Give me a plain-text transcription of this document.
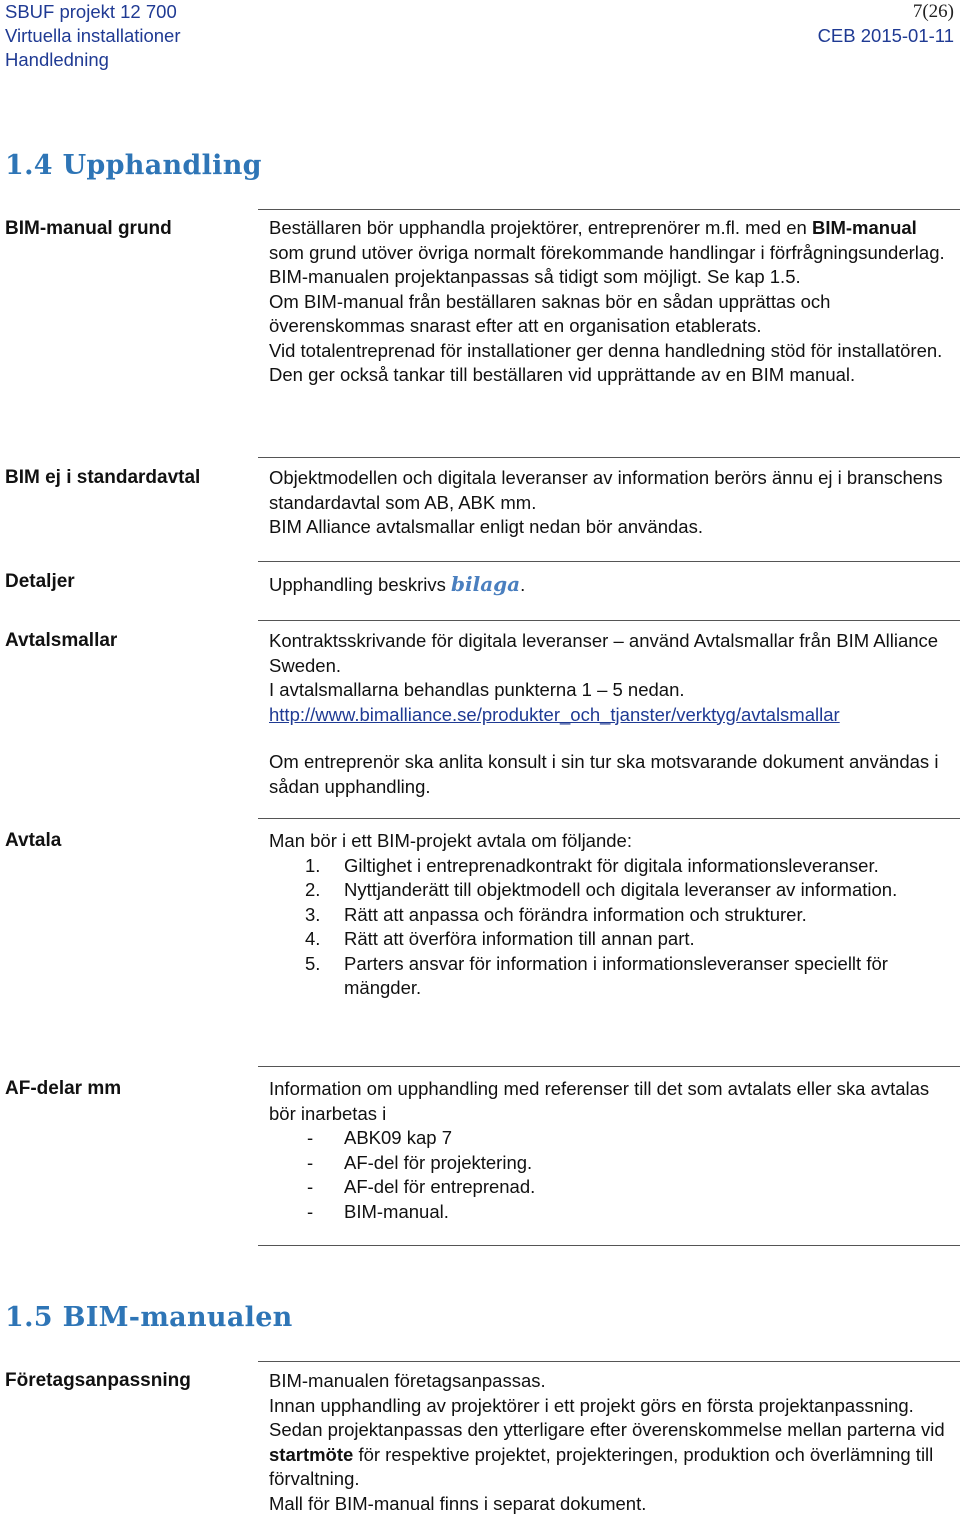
SBUF projekt 12 700
Virtuella installationer
Handledning
7(26)
CEB 2015-01-11
1.4 Upphandling
BIM-manual grund	Beställaren bör upphandla projektörer, entreprenörer m.fl. med en BIM-manual som grund utöver övriga normalt förekommande handlingar i förfrågningsunderlag. BIM-manualen projektanpassas så tidigt som möjligt. Se kap 1.5.

Om BIM-manual från beställaren saknas bör en sådan upprättas och överenskommas snarast efter att en organisation etablerats.

Vid totalentreprenad för installationer ger denna handledning stöd för installatören. Den ger också tankar till beställaren vid upprättande av en BIM manual.

BIM ej i standardavtal	Objektmodellen och digitala leveranser av information berörs ännu ej i branschens standardavtal som AB, ABK mm.

BIM Alliance avtalsmallar enligt nedan bör användas.

Detaljer	Upphandling beskrivs bilaga.

Avtalsmallar	Kontraktsskrivande för digitala leveranser – använd Avtalsmallar från BIM Alliance Sweden.

I avtalsmallarna behandlas punkterna 1 – 5 nedan.

http://www.bimalliance.se/produkter_och_tjanster/verktyg/avtalsmallar

Om entreprenör ska anlita konsult i sin tur ska motsvarande dokument användas i sådan upphandling.

Avtala	Man bör i ett BIM-projekt avtala om följande:

1. Giltighet i entreprenadkontrakt för digitala informationsleveranser.
2. Nyttjanderätt till objektmodell och digitala leveranser av information.
3. Rätt att anpassa och förändra information och strukturer.
4. Rätt att överföra information till annan part.
5. Parters ansvar för information i informationsleveranser speciellt för mängder.
AF-delar mm	Information om upphandling med referenser till det som avtalats eller ska avtalas bör inarbetas i

- ABK09 kap 7
- AF-del för projektering.
- AF-del för entreprenad.
- BIM-manual.
1.5 BIM-manualen
Företagsanpassning	BIM-manualen företagsanpassas.

Innan upphandling av projektörer i ett projekt görs en första projektanpassning.

Sedan projektanpassas den ytterligare efter överenskommelse mellan parterna vid startmöte för respektive projektet, projekteringen, produktion och överlämning till förvaltning.

Mall för BIM-manual finns i separat dokument.
